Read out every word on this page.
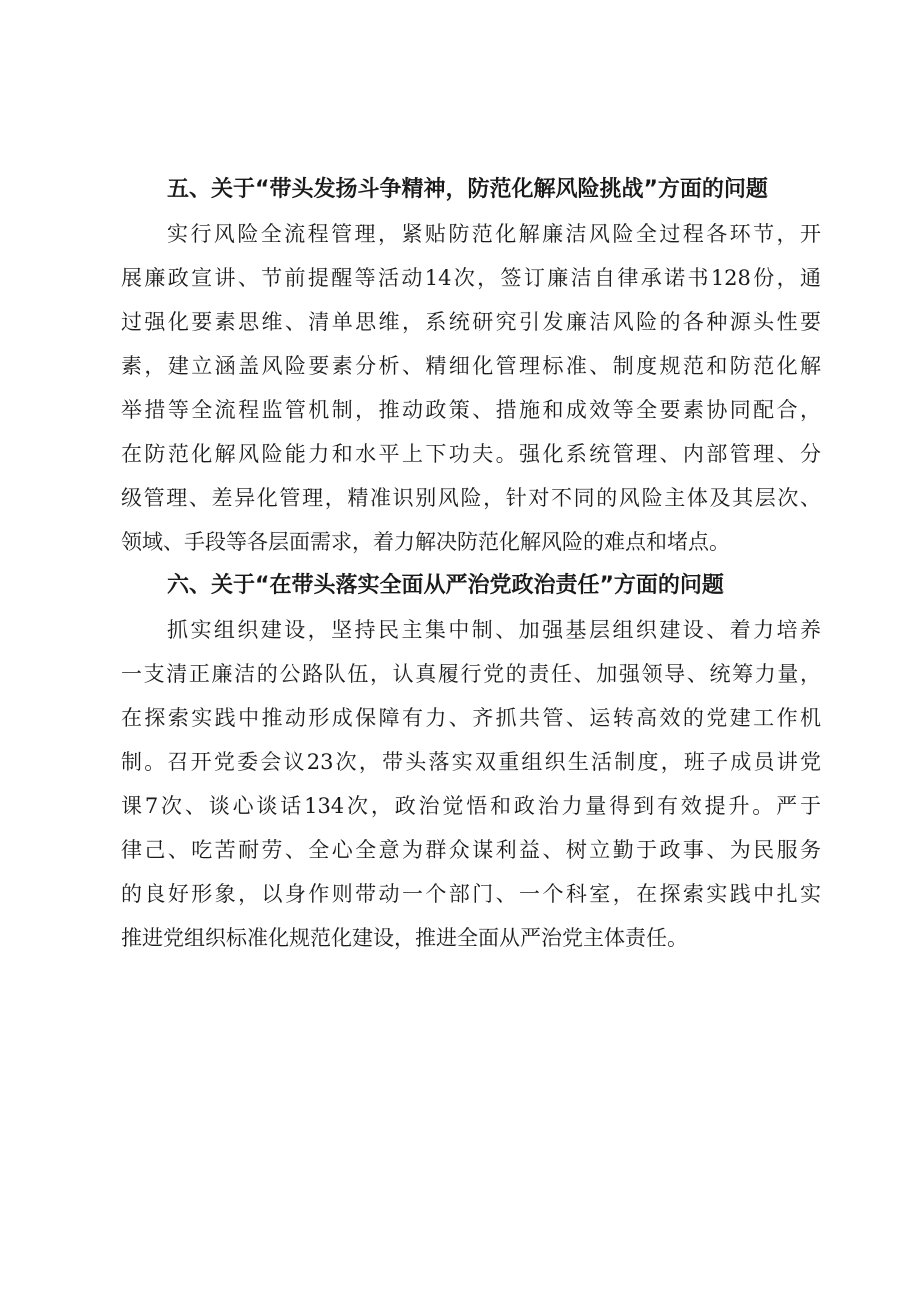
五、关于“带头发扬斗争精神，防范化解风险挑战”方面的问题

实行风险全流程管理，紧贴防范化解廉洁风险全过程各环节，开

展廉政宣讲、节前提醒等活动14次，签订廉洁自律承诺书128份，通

过强化要素思维、清单思维，系统研究引发廉洁风险的各种源头性要

素，建立涵盖风险要素分析、精细化管理标准、制度规范和防范化解

举措等全流程监管机制，推动政策、措施和成效等全要素协同配合，

在防范化解风险能力和水平上下功夫。强化系统管理、内部管理、分

级管理、差异化管理，精准识别风险，针对不同的风险主体及其层次、

领域、手段等各层面需求，着力解决防范化解风险的难点和堵点。

六、关于“在带头落实全面从严治党政治责任”方面的问题

抓实组织建设，坚持民主集中制、加强基层组织建设、着力培养

一支清正廉洁的公路队伍，认真履行党的责任、加强领导、统筹力量，

在探索实践中推动形成保障有力、齐抓共管、运转高效的党建工作机

制。召开党委会议23次，带头落实双重组织生活制度，班子成员讲党

课7次、谈心谈话134次，政治觉悟和政治力量得到有效提升。严于

律己、吃苦耐劳、全心全意为群众谋利益、树立勤于政事、为民服务

的良好形象，以身作则带动一个部门、一个科室，在探索实践中扎实

推进党组织标准化规范化建设，推进全面从严治党主体责任。
